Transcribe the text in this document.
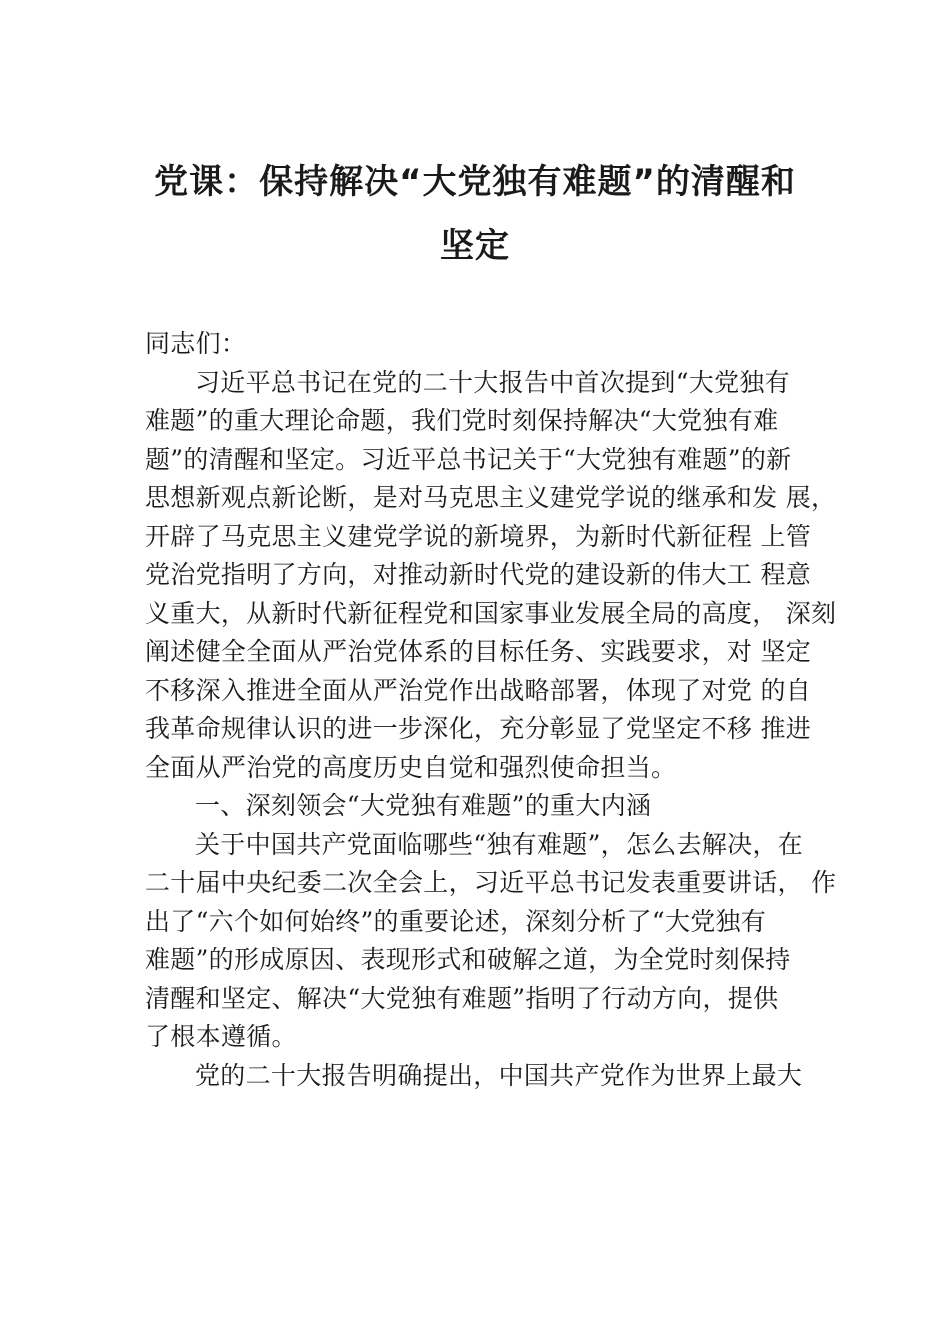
党课：保持解决“大党独有难题”的清醒和
坚定
同志们：
习近平总书记在党的二十大报告中首次提到“大党独有
难题”的重大理论命题，我们党时刻保持解决“大党独有难
题”的清醒和坚定。习近平总书记关于“大党独有难题”的新
思想新观点新论断，是对马克思主义建党学说的继承和发 展，
开辟了马克思主义建党学说的新境界，为新时代新征程 上管
党治党指明了方向，对推动新时代党的建设新的伟大工 程意
义重大，从新时代新征程党和国家事业发展全局的高度， 深刻
阐述健全全面从严治党体系的目标任务、实践要求，对 坚定
不移深入推进全面从严治党作出战略部署，体现了对党 的自
我革命规律认识的进一步深化，充分彰显了党坚定不移 推进
全面从严治党的高度历史自觉和强烈使命担当。
一、深刻领会“大党独有难题”的重大内涵
关于中国共产党面临哪些“独有难题”，怎么去解决，在
二十届中央纪委二次全会上，习近平总书记发表重要讲话， 作
出了“六个如何始终”的重要论述，深刻分析了“大党独有
难题”的形成原因、表现形式和破解之道，为全党时刻保持
清醒和坚定、解决“大党独有难题”指明了行动方向，提供
了根本遵循。
党的二十大报告明确提出，中国共产党作为世界上最大
